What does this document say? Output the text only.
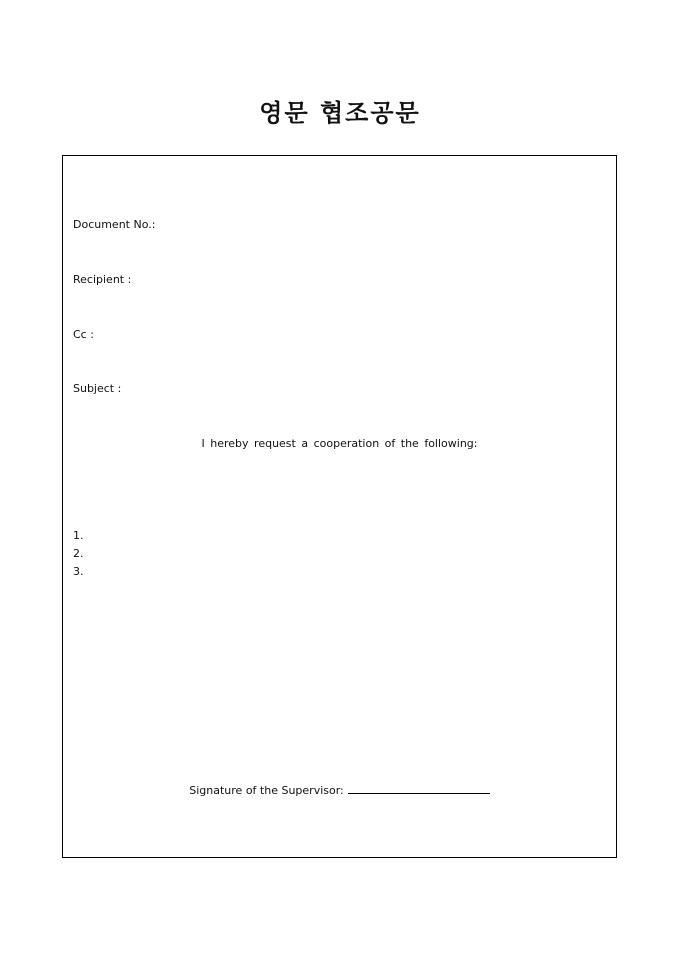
영문 협조공문
Document No.:
Recipient :
Cc :
Subject :
I hereby request a cooperation of the following:
1.
2.
3.
Signature of the Supervisor:
